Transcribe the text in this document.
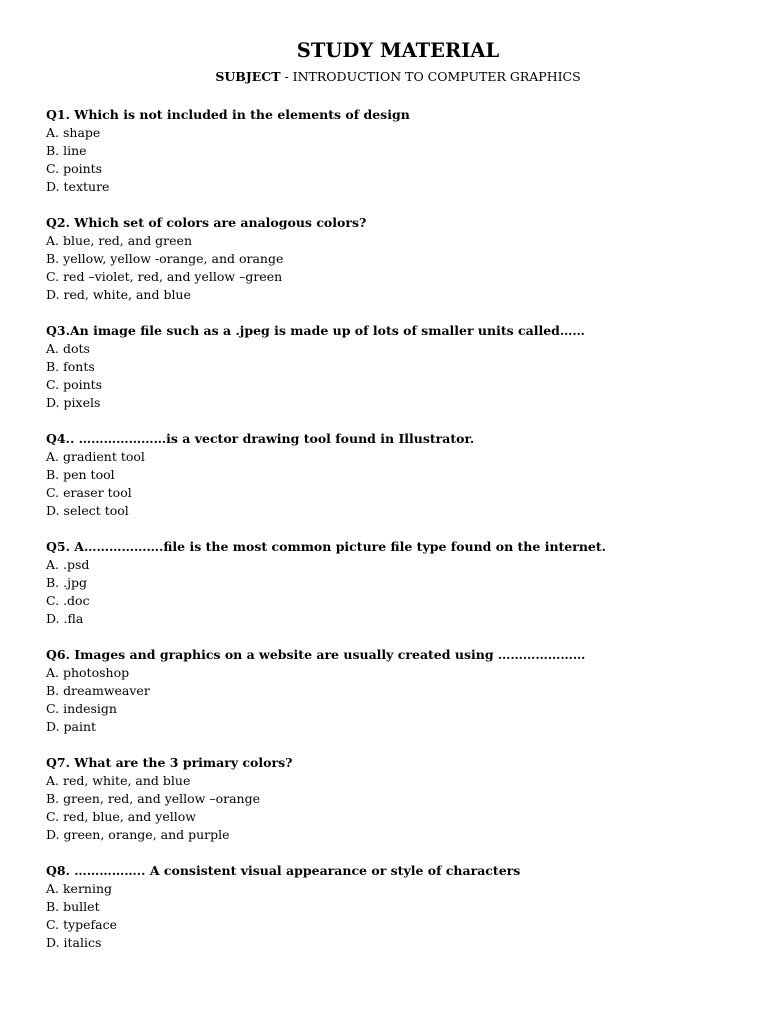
STUDY MATERIAL

SUBJECT - INTRODUCTION TO COMPUTER GRAPHICS

Q1. Which is not included in the elements of design
A. shape
B. line
C. points
D. texture
Q2. Which set of colors are analogous colors?
A. blue, red, and green
B. yellow, yellow -orange, and orange
C. red –violet, red, and yellow –green
D. red, white, and blue
Q3.An image file such as a .jpeg is made up of lots of smaller units called……
A. dots
B. fonts
C. points
D. pixels
Q4.. …………………is a vector drawing tool found in Illustrator.
A. gradient tool
B. pen tool
C. eraser tool
D. select tool
Q5. A……………….file is the most common picture file type found on the internet.
A. .psd
B. .jpg
C. .doc
D. .fla
Q6. Images and graphics on a website are usually created using …………………
A. photoshop
B. dreamweaver
C. indesign
D. paint
Q7. What are the 3 primary colors?
A. red, white, and blue
B. green, red, and yellow –orange
C. red, blue, and yellow
D. green, orange, and purple
Q8. …………….. A consistent visual appearance or style of characters
A. kerning
B. bullet
C. typeface
D. italics
